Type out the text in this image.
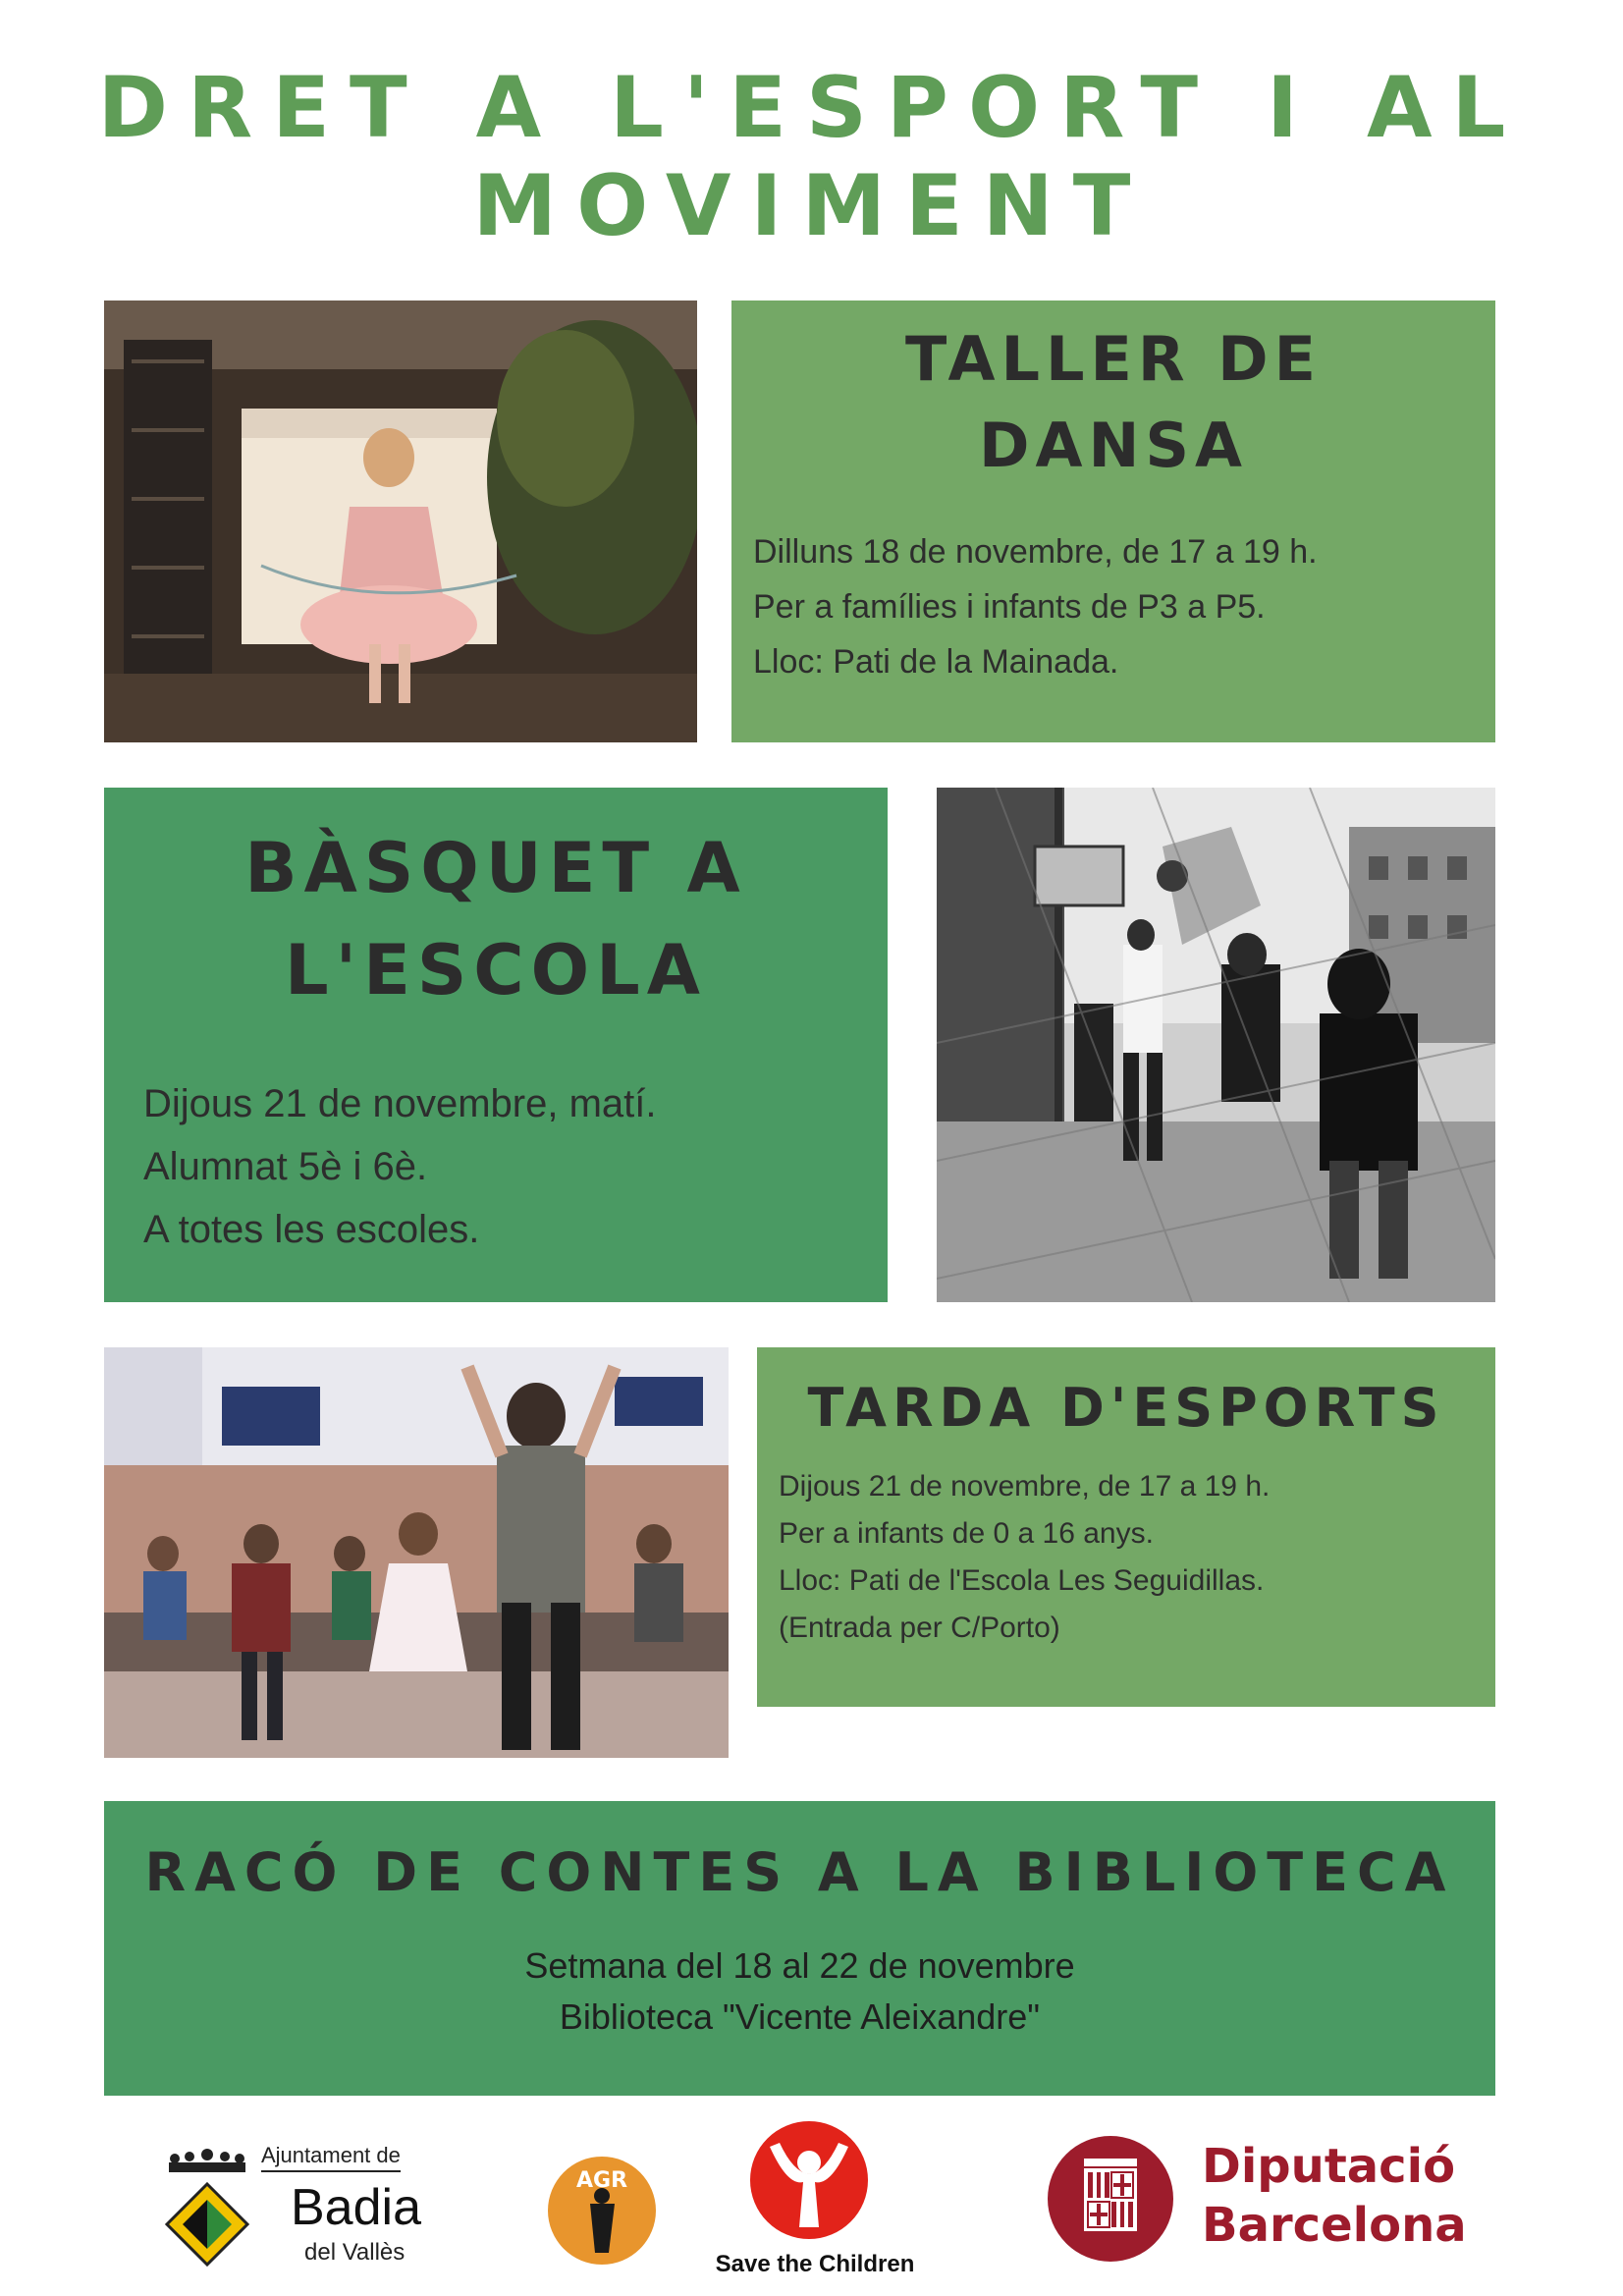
DRET A L'ESPORT I AL
MOVIMENT
TALLER DE
DANSA
Dilluns 18 de novembre, de 17 a 19 h.
Per a famílies i infants de P3 a P5.
Lloc: Pati de la Mainada.
BÀSQUET A
L'ESCOLA
Dijous 21 de novembre, matí.
Alumnat 5è i 6è.
A totes les escoles.
TARDA D'ESPORTS
Dijous 21 de novembre, de 17 a 19 h.
Per a infants de 0 a 16 anys.
Lloc: Pati de l'Escola Les Seguidillas.
(Entrada per C/Porto)
RACÓ DE CONTES A LA BIBLIOTECA
Setmana del 18 al 22 de novembre
Biblioteca "Vicente Aleixandre"
Ajuntament de
Badia
del Vallès
AGR
Save the Children
Diputació
Barcelona
